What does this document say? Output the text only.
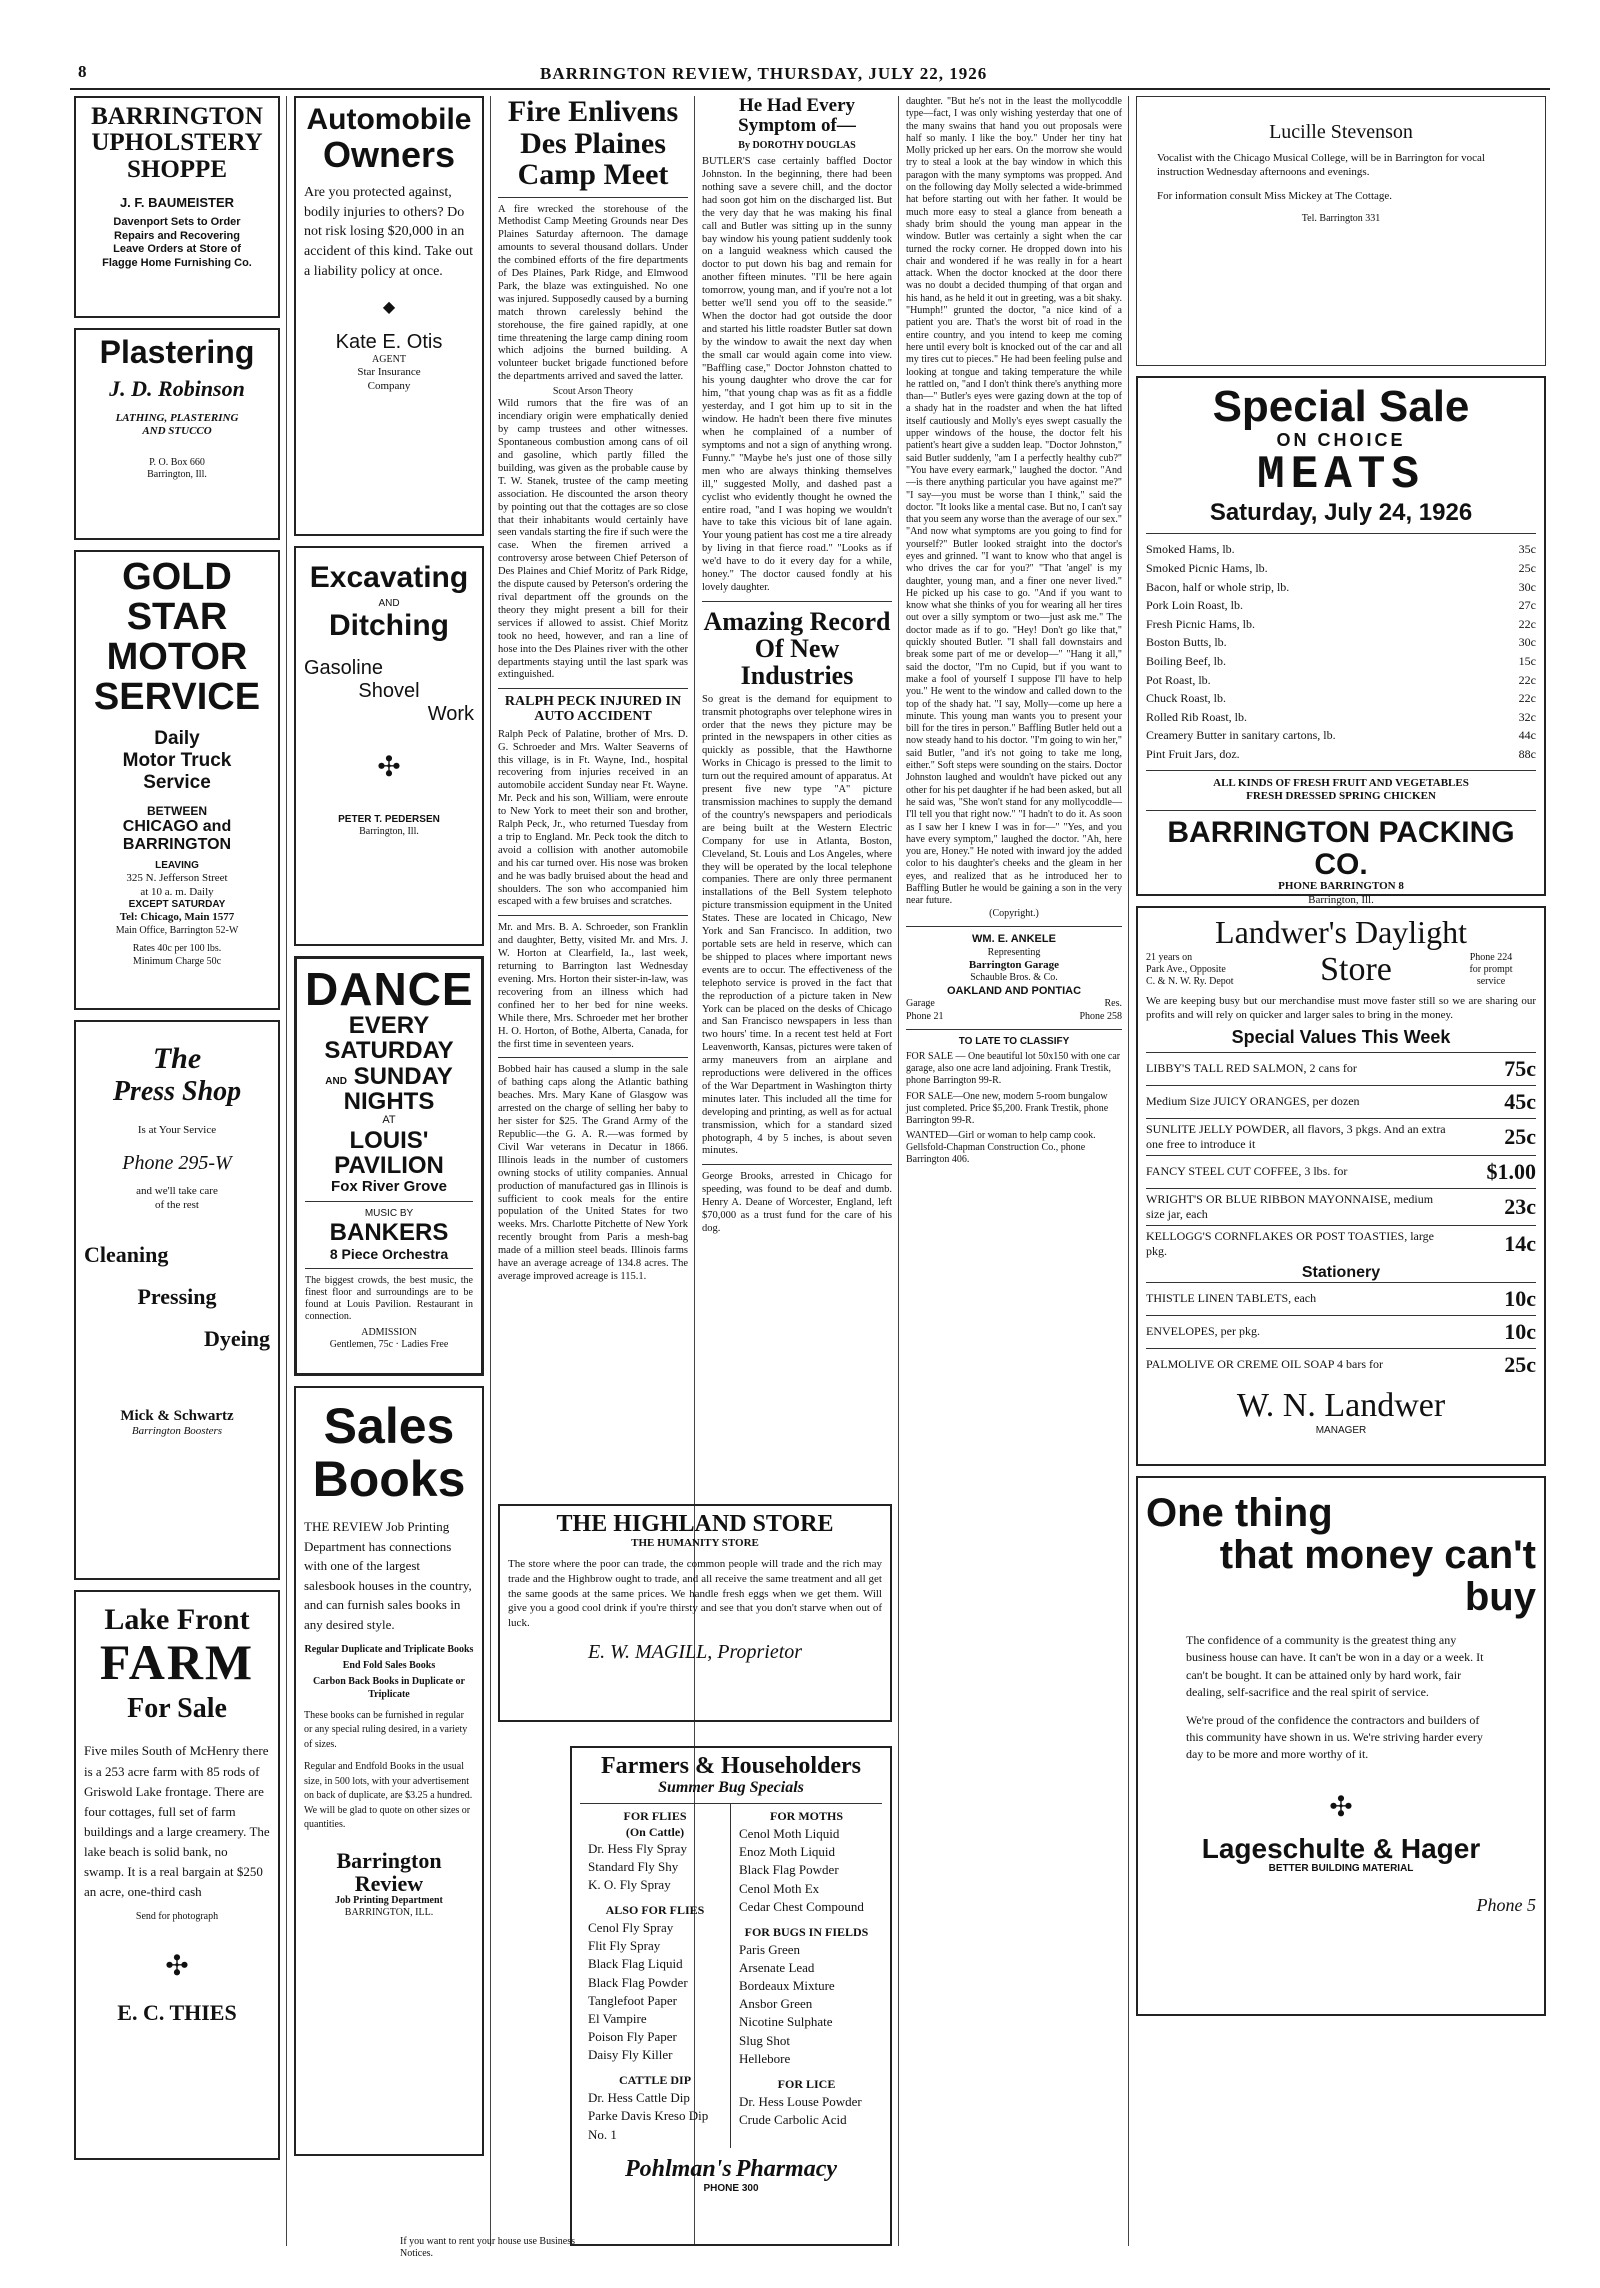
8	BARRINGTON REVIEW, THURSDAY, JULY 22, 1926
BARRINGTON
UPHOLSTERY
SHOPPE
J. F. BAUMEISTER
Davenport Sets to Order
Repairs and Recovering
Leave Orders at Store of
Flagge Home Furnishing Co.
Plastering
J. D. Robinson
LATHING, PLASTERING
AND STUCCO
P. O. Box 660
Barrington, Ill.
GOLD STAR
MOTOR
SERVICE
Daily
Motor Truck
Service
BETWEEN
CHICAGO and
BARRINGTON
LEAVING
325 N. Jefferson Street
at 10 a. m. Daily
EXCEPT SATURDAY
Tel: Chicago, Main 1577
Main Office, Barrington 52-W
Rates 40c per 100 lbs.
Minimum Charge 50c
The
Press Shop
Is at Your Service
Phone 295-W
and we'll take care
of the rest
Cleaning
Pressing
Dyeing
Mick & Schwartz
Barrington Boosters
Lake Front
FARM
For Sale
Five miles South of McHenry there is a 253 acre farm with 85 rods of Griswold Lake frontage. There are four cottages, full set of farm buildings and a large creamery. The lake beach is solid bank, no swamp. It is a real bargain at $250 an acre, one-third cash
Send for photograph
✣
E. C. THIES
Automobile
Owners
Are you protected against, bodily injuries to others? Do not risk losing $20,000 in an accident of this kind. Take out a liability policy at once.
◆
Kate E. Otis
AGENT
Star Insurance
Company
Excavating
AND
Ditching
Gasoline
Shovel
Work
✣
PETER T. PEDERSEN
Barrington, Ill.
DANCE
EVERY
SATURDAY
AND SUNDAY
NIGHTS
AT
LOUIS'
PAVILION
Fox River Grove
MUSIC BY
BANKERS
8 Piece Orchestra
The biggest crowds, the best music, the finest floor and surroundings are to be found at Louis Pavilion. Restaurant in connection.
ADMISSION
Gentlemen, 75c · Ladies Free
Sales
Books
THE REVIEW Job Printing Department has connections with one of the largest salesbook houses in the country, and can furnish sales books in any desired style.
Regular Duplicate and Triplicate Books
End Fold Sales Books
Carbon Back Books in Duplicate or Triplicate
These books can be furnished in regular or any special ruling desired, in a variety of sizes.
Regular and Endfold Books in the usual size, in 500 lots, with your advertisement on back of duplicate, are $3.25 a hundred. We will be glad to quote on other sizes or quantities.
Barrington
Review
Job Printing Department
BARRINGTON, ILL.
Fire Enlivens Des Plaines Camp Meet
A fire wrecked the storehouse of the Methodist Camp Meeting Grounds near Des Plaines Saturday afternoon. The damage amounts to several thousand dollars. Under the combined efforts of the fire departments of Des Plaines, Park Ridge, and Elmwood Park, the blaze was extinguished. No one was injured. Supposedly caused by a burning match thrown carelessly behind the storehouse, the fire gained rapidly, at one time threatening the large camp dining room which adjoins the burned building. A volunteer bucket brigade functioned before the departments arrived and saved the latter.
Scout Arson Theory
Wild rumors that the fire was of an incendiary origin were emphatically denied by camp trustees and other witnesses. Spontaneous combustion among cans of oil and gasoline, which partly filled the building, was given as the probable cause by T. W. Stanek, trustee of the camp meeting association. He discounted the arson theory by pointing out that the cottages are so close that their inhabitants would certainly have seen vandals starting the fire if such were the case. When the firemen arrived a controversy arose between Chief Peterson of Des Plaines and Chief Moritz of Park Ridge, the dispute caused by Peterson's ordering the rival department off the grounds on the theory they might present a bill for their services if allowed to assist. Chief Moritz took no heed, however, and ran a line of hose into the Des Plaines river with the other departments staying until the last spark was extinguished.
RALPH PECK INJURED IN AUTO ACCIDENT
Ralph Peck of Palatine, brother of Mrs. D. G. Schroeder and Mrs. Walter Seaverns of this village, is in Ft. Wayne, Ind., hospital recovering from injuries received in an automobile accident Sunday near Ft. Wayne. Mr. Peck and his son, William, were enroute to New York to meet their son and brother, Ralph Peck, Jr., who returned Tuesday from a trip to England. Mr. Peck took the ditch to avoid a collision with another automobile and his car turned over. His nose was broken and he was badly bruised about the head and shoulders. The son who accompanied him escaped with a few bruises and scratches.
Mr. and Mrs. B. A. Schroeder, son Franklin and daughter, Betty, visited Mr. and Mrs. J. W. Horton at Clearfield, Ia., last week, returning to Barrington last Wednesday evening. Mrs. Horton their sister-in-law, was recovering from an illness which had confined her to her bed for nine weeks. While there, Mrs. Schroeder met her brother H. O. Horton, of Bothe, Alberta, Canada, for the first time in seventeen years.
Bobbed hair has caused a slump in the sale of bathing caps along the Atlantic bathing beaches. Mrs. Mary Kane of Glasgow was arrested on the charge of selling her baby to her sister for $25. The Grand Army of the Republic—the G. A. R.—was formed by Civil War veterans in Decatur in 1866. Illinois leads in the number of customers owning stocks of utility companies. Annual production of manufactured gas in Illinois is sufficient to cook meals for the entire population of the United States for two weeks. Mrs. Charlotte Pitchette of New York recently brought from Paris a mesh-bag made of a million steel beads. Illinois farms have an average acreage of 134.8 acres. The average improved acreage is 115.1.
THE HIGHLAND STORE
THE HUMANITY STORE
The store where the poor can trade, the common people will trade and the rich may trade and the Highbrow ought to trade, and all receive the same treatment and all get the same goods at the same prices. We handle fresh eggs when we get them. Will give you a good cool drink if you're thirsty and see that you don't starve when out of luck.
E. W. MAGILL, Proprietor
Farmers & Householders
Summer Bug Specials
FOR FLIES
(On Cattle)
Dr. Hess Fly Spray
Standard Fly Shy
K. O. Fly Spray
ALSO FOR FLIES
Cenol Fly Spray
Flit Fly Spray
Black Flag Liquid
Black Flag Powder
Tanglefoot Paper
El Vampire
Poison Fly Paper
Daisy Fly Killer
CATTLE DIP
Dr. Hess Cattle Dip
Parke Davis Kreso Dip No. 1
FOR MOTHS
Cenol Moth Liquid
Enoz Moth Liquid
Black Flag Powder
Cenol Moth Ex
Cedar Chest Compound
FOR BUGS IN FIELDS
Paris Green
Arsenate Lead
Bordeaux Mixture
Ansbor Green
Nicotine Sulphate
Slug Shot
Hellebore
FOR LICE
Dr. Hess Louse Powder
Crude Carbolic Acid
Pohlman's Pharmacy
PHONE 300
He Had Every Symptom of—
By DOROTHY DOUGLAS
BUTLER'S case certainly baffled Doctor Johnston. In the beginning, there had been nothing save a severe chill, and the doctor had soon got him on the discharged list. But the very day that he was making his final call and Butler was sitting up in the sunny bay window his young patient suddenly took on a languid weakness which caused the doctor to put down his bag and remain for another fifteen minutes. "I'll be here again tomorrow, young man, and if you're not a lot better we'll send you off to the seaside." When the doctor had got outside the door and started his little roadster Butler sat down by the window to await the next day when the small car would again come into view. "Baffling case," Doctor Johnston chatted to his young daughter who drove the car for him, "that young chap was as fit as a fiddle yesterday, and I got him up to sit in the window. He hadn't been there five minutes when he complained of a number of symptoms and not a sign of anything wrong. Funny." "Maybe he's just one of those silly men who are always thinking themselves ill," suggested Molly, and dashed past a cyclist who evidently thought he owned the entire road, "and I was hoping we wouldn't have to take this vicious bit of lane again. Your young patient has cost me a tire already by living in that fierce road." "Looks as if we'd have to do it every day for a while, honey." The doctor caused fondly at his lovely daughter.
Amazing Record Of New Industries
So great is the demand for equipment to transmit photographs over telephone wires in order that the news they picture may be printed in the newspapers in other cities as quickly as possible, that the Hawthorne Works in Chicago is pressed to the limit to turn out the required amount of apparatus. At present five new type "A" picture transmission machines to supply the demand of the country's newspapers and periodicals are being built at the Western Electric Company for use in Atlanta, Boston, Cleveland, St. Louis and Los Angeles, where they will be operated by the local telephone companies. There are only three permanent installations of the Bell System telephoto picture transmission equipment in the United States. These are located in Chicago, New York and San Francisco. In addition, two portable sets are held in reserve, which can be shipped to places where important news events are to occur. The effectiveness of the telephoto service is proved in the fact that the reproduction of a picture taken in New York can be placed on the desks of Chicago and San Francisco newspapers in less than two hours' time. In a recent test held at Fort Leavenworth, Kansas, pictures were taken of army maneuvers from an airplane and reproductions were delivered in the offices of the War Department in Washington thirty minutes later. This included all the time for developing and printing, as well as for actual transmission, which for a standard sized photograph, 4 by 5 inches, is about seven minutes.
George Brooks, arrested in Chicago for speeding, was found to be deaf and dumb. Henry A. Deane of Worcester, England, left $70,000 as a trust fund for the care of his dog.
daughter. "But he's not in the least the mollycoddle type—fact, I was only wishing yesterday that one of the many swains that hand you out proposals were half so manly. I like the boy." Under her tiny hat Molly pricked up her ears. On the morrow she would try to steal a look at the bay window in which this paragon with the many symptoms was propped. And on the following day Molly selected a wide-brimmed hat before starting out with her father. It would be much more easy to steal a glance from beneath a shady brim should the young man appear in the window. Butler was certainly a sight when the car turned the rocky corner. He dropped down into his chair and wondered if he was really in for a heart attack. When the doctor knocked at the door there was no doubt a decided thumping of that organ and his hand, as he held it out in greeting, was a bit shaky. "Humph!" grunted the doctor, "a nice kind of a patient you are. That's the worst bit of road in the entire country, and you intend to keep me coming here until every bolt is knocked out of the car and all my tires cut to pieces." He had been feeling pulse and looking at tongue and taking temperature the while he rattled on, "and I don't think there's anything more than—" Butler's eyes were gazing down at the top of a shady hat in the roadster and when the hat lifted itself cautiously and Molly's eyes swept casually the upper windows of the house, the doctor felt his patient's heart give a sudden leap. "Doctor Johnston," said Butler suddenly, "am I a perfectly healthy cub?" "You have every earmark," laughed the doctor. "And—is there anything particular you have against me?" "I say—you must be worse than I think," said the doctor. "It looks like a mental case. But no, I can't say that you seem any worse than the average of our sex." "And now what symptoms are you going to find for yourself?" Butler looked straight into the doctor's eyes and grinned. "I want to know who that angel is who drives the car for you?" "That 'angel' is my daughter, young man, and a finer one never lived." He picked up his case to go. "And if you want to know what she thinks of you for wearing all her tires out over a silly symptom or two—just ask me." The doctor made as if to go. "Hey! Don't go like that," quickly shouted Butler. "I shall fall downstairs and break some part of me or develop—" "Hang it all," said the doctor, "I'm no Cupid, but if you want to make a fool of yourself I suppose I'll have to help you." He went to the window and called down to the top of the shady hat. "I say, Molly—come up here a minute. This young man wants you to present your bill for the tires in person." Baffling Butler held out a now steady hand to his doctor. "I'm going to win her," said Butler, "and it's not going to take me long, either." Soft steps were sounding on the stairs. Doctor Johnston laughed and wouldn't have picked out any other for his pet daughter if he had been asked, but all he said was, "She won't stand for any mollycoddle—I'll tell you that right now." "I hadn't to do it. As soon as I saw her I knew I was in for—" "Yes, and you have every symptom," laughed the doctor. "Ah, here you are, Honey." He noted with inward joy the added color to his daughter's cheeks and the gleam in her eyes, and realized that as he introduced her to Baffling Butler he would be gaining a son in the very near future.
(Copyright.)
WM. E. ANKELE
Representing
Barrington Garage
Schauble Bros. & Co.
OAKLAND AND PONTIAC
Garage	Res.
Phone 21	Phone 258
TO LATE TO CLASSIFY
FOR SALE — One beautiful lot 50x150 with one car garage, also one acre land adjoining. Frank Trestik, phone Barrington 99-R.
FOR SALE—One new, modern 5-room bungalow just completed. Price $5,200. Frank Trestik, phone Barrington 99-R.
WANTED—Girl or woman to help camp cook. Gellsfold-Chapman Construction Co., phone Barrington 406.
If you want to rent your house use Business Notices.
Lucille Stevenson
Vocalist with the Chicago Musical College, will be in Barrington for vocal instruction Wednesday afternoons and evenings.
For information consult Miss Mickey at The Cottage.
Tel. Barrington 331
Special Sale
ON CHOICE
MEATS
Saturday, July 24, 1926
Smoked Hams, lb.	35c
Smoked Picnic Hams, lb.	25c
Bacon, half or whole strip, lb.	30c
Pork Loin Roast, lb.	27c
Fresh Picnic Hams, lb.	22c
Boston Butts, lb.	30c
Boiling Beef, lb.	15c
Pot Roast, lb.	22c
Chuck Roast, lb.	22c
Rolled Rib Roast, lb.	32c
Creamery Butter in sanitary cartons, lb.	44c
Pint Fruit Jars, doz.	88c
ALL KINDS OF FRESH FRUIT AND VEGETABLES
FRESH DRESSED SPRING CHICKEN
BARRINGTON PACKING CO.
PHONE BARRINGTON 8
Barrington, Ill.
Landwer's Daylight
21 years on
Park Ave., Opposite
C. & N. W. Ry. Depot	Store	Phone 224
for prompt
service
We are keeping busy but our merchandise must move faster still so we are sharing our profits and will rely on quicker and larger sales to bring in the money.
Special Values This Week
LIBBY'S TALL RED SALMON, 2 cans for	75c
Medium Size JUICY ORANGES, per dozen	45c
SUNLITE JELLY POWDER, all flavors, 3 pkgs. And an extra one free to introduce it	25c
FANCY STEEL CUT COFFEE, 3 lbs. for	$1.00
WRIGHT'S OR BLUE RIBBON MAYONNAISE, medium size jar, each	23c
KELLOGG'S CORNFLAKES OR POST TOASTIES, large pkg.	14c
Stationery
THISTLE LINEN TABLETS, each	10c
ENVELOPES, per pkg.	10c
PALMOLIVE OR CREME OIL SOAP 4 bars for	25c
W. N. Landwer
MANAGER
One thing
that money can't buy
The confidence of a community is the greatest thing any business house can have. It can't be won in a day or a week. It can't be bought. It can be attained only by hard work, fair dealing, self-sacrifice and the real spirit of service.
We're proud of the confidence the contractors and builders of this community have shown in us. We're striving harder every day to be more and more worthy of it.
✣
Lageschulte & Hager
BETTER BUILDING MATERIAL
Phone 5
